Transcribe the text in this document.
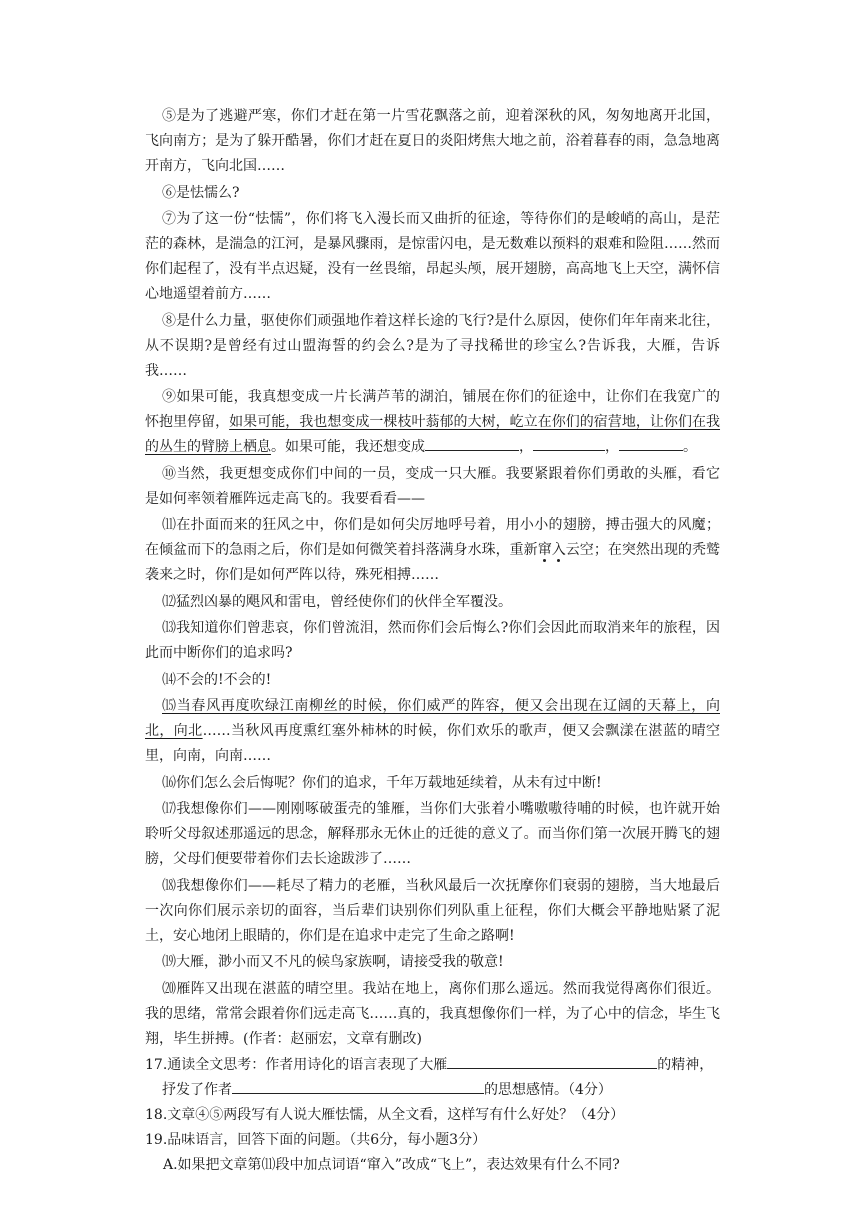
⑤是为了逃避严寒，你们才赶在第一片雪花飘落之前，迎着深秋的风，匆匆地离开北国，飞向南方；是为了躲开酷暑，你们才赶在夏日的炎阳烤焦大地之前，浴着暮春的雨，急急地离开南方，飞向北国……

⑥是怯懦么?

⑦为了这一份“怯懦”，你们将飞入漫长而又曲折的征途，等待你们的是峻峭的高山，是茫茫的森林，是湍急的江河，是暴风骤雨，是惊雷闪电，是无数难以预料的艰难和险阻……然而你们起程了，没有半点迟疑，没有一丝畏缩，昂起头颅，展开翅膀，高高地飞上天空，满怀信心地遥望着前方……

⑧是什么力量，驱使你们顽强地作着这样长途的飞行?是什么原因，使你们年年南来北往，从不误期?是曾经有过山盟海誓的约会么?是为了寻找稀世的珍宝么?告诉我，大雁，告诉我……

⑨如果可能，我真想变成一片长满芦苇的湖泊，铺展在你们的征途中，让你们在我宽广的怀抱里停留，如果可能，我也想变成一棵枝叶蓊郁的大树，屹立在你们的宿营地，让你们在我的丛生的臂膀上栖息。如果可能，我还想变成	，	，	。

⑩当然，我更想变成你们中间的一员，变成一只大雁。我要紧跟着你们勇敢的头雁，看它是如何率领着雁阵远走高飞的。我要看看——

⑾在扑面而来的狂风之中，你们是如何尖厉地呼号着，用小小的翅膀，搏击强大的风魔；在倾盆而下的急雨之后，你们是如何微笑着抖落满身水珠，重新窜入云空；在突然出现的秃鹫袭来之时，你们是如何严阵以待，殊死相搏……

⑿猛烈凶暴的飓风和雷电，曾经使你们的伙伴全军覆没。

⒀我知道你们曾悲哀，你们曾流泪，然而你们会后悔么?你们会因此而取消来年的旅程，因此而中断你们的追求吗?

⒁不会的!不会的!

⒂当春风再度吹绿江南柳丝的时候，你们威严的阵容，便又会出现在辽阔的天幕上，向北，向北……当秋风再度熏红塞外柿林的时候，你们欢乐的歌声，便又会飘漾在湛蓝的晴空里，向南，向南……

⒃你们怎么会后悔呢？你们的追求，千年万载地延续着，从未有过中断!

⒄我想像你们——刚刚啄破蛋壳的雏雁，当你们大张着小嘴嗷嗷待哺的时候，也许就开始聆听父母叙述那遥远的思念，解释那永无休止的迁徙的意义了。而当你们第一次展开腾飞的翅膀，父母们便要带着你们去长途跋涉了……

⒅我想像你们——耗尽了精力的老雁，当秋风最后一次抚摩你们衰弱的翅膀，当大地最后一次向你们展示亲切的面容，当后辈们诀别你们列队重上征程，你们大概会平静地贴紧了泥土，安心地闭上眼睛的，你们是在追求中走完了生命之路啊!

⒆大雁，渺小而又不凡的候鸟家族啊，请接受我的敬意!

⒇雁阵又出现在湛蓝的晴空里。我站在地上，离你们那么遥远。然而我觉得离你们很近。我的思绪，常常会跟着你们远走高飞……真的，我真想像你们一样，为了心中的信念，毕生飞翔，毕生拼搏。(作者：赵丽宏，文章有删改)

17.通读全文思考：作者用诗化的语言表现了大雁	的精神，

抒发了作者	的思想感情。（4分）

18.文章④⑤两段写有人说大雁怯懦，从全文看，这样写有什么好处？（4分）

19.品味语言，回答下面的问题。（共6分，每小题3分）

A.如果把文章第⑾段中加点词语“窜入”改成“飞上”，表达效果有什么不同?
